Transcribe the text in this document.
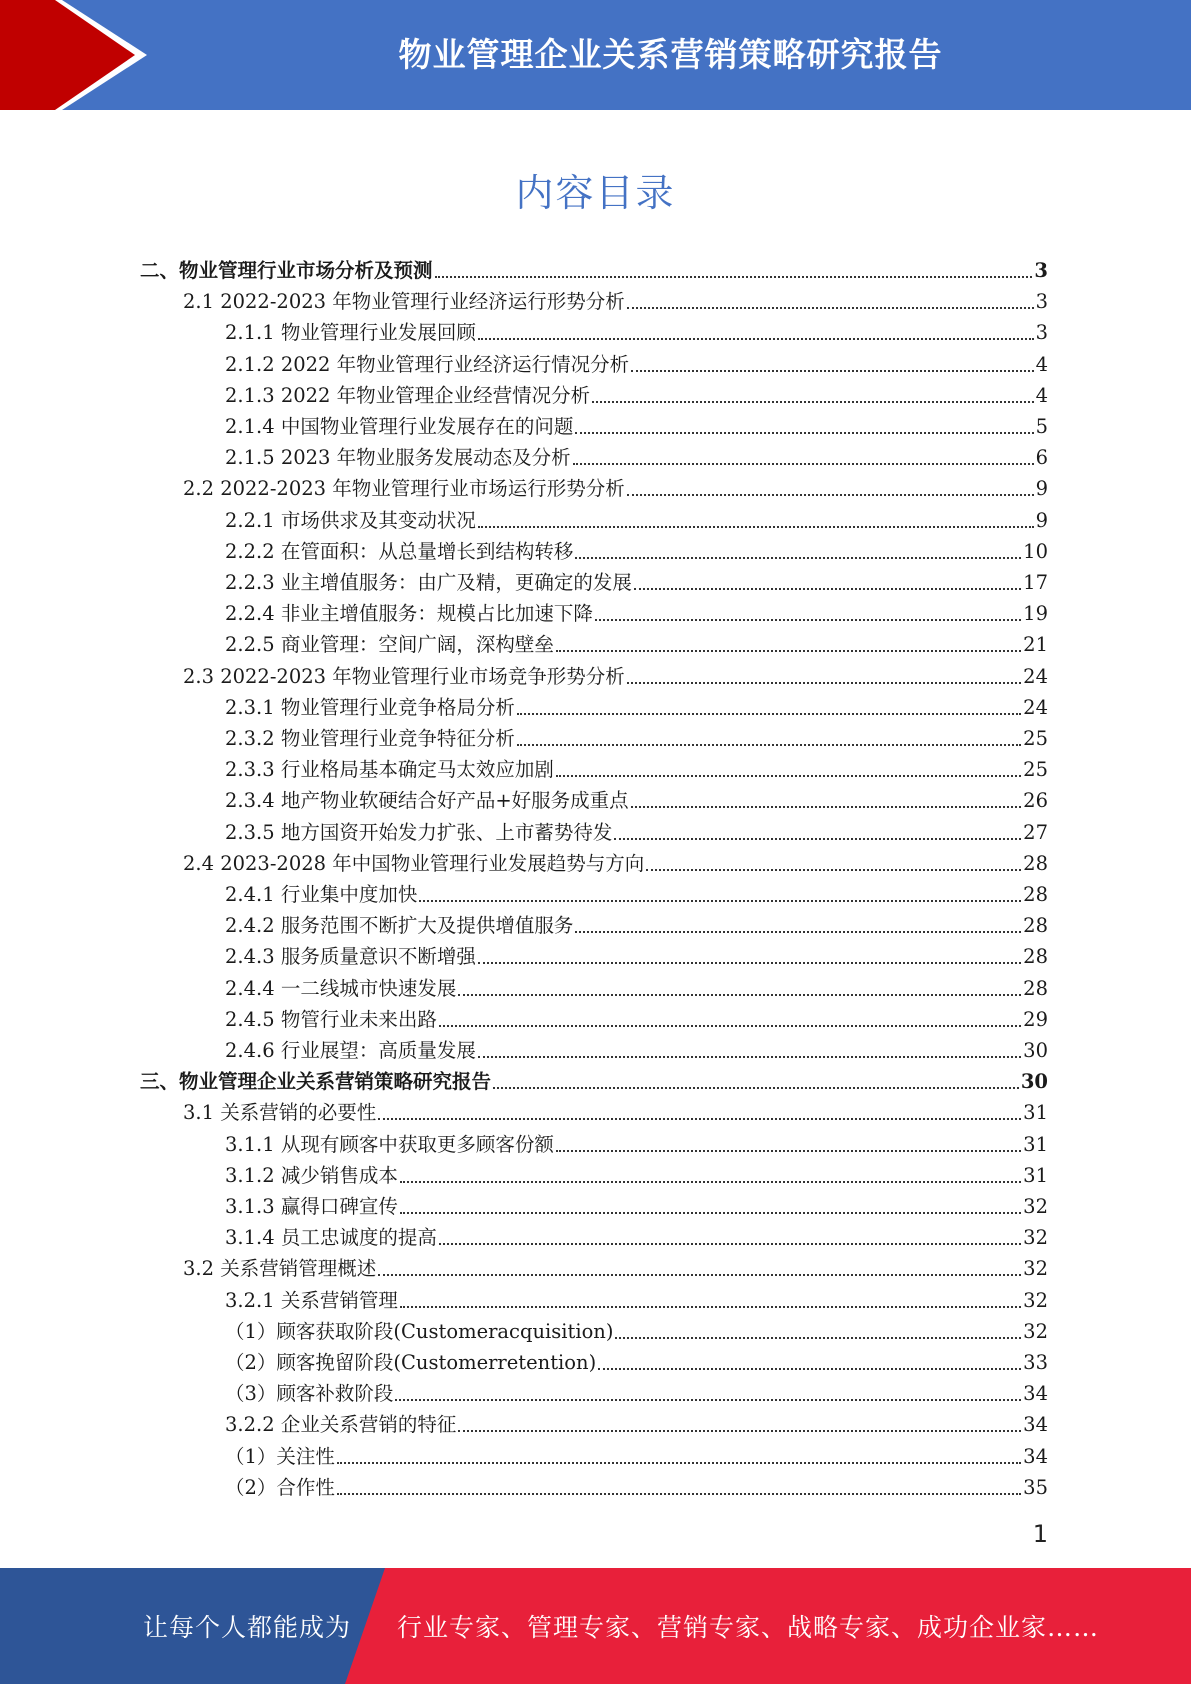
物业管理企业关系营销策略研究报告
内容目录
二、物业管理行业市场分析及预测	3
2.1 2022-2023 年物业管理行业经济运行形势分析	3
2.1.1 物业管理行业发展回顾	3
2.1.2 2022 年物业管理行业经济运行情况分析	4
2.1.3 2022 年物业管理企业经营情况分析	4
2.1.4 中国物业管理行业发展存在的问题	5
2.1.5 2023 年物业服务发展动态及分析	6
2.2 2022-2023 年物业管理行业市场运行形势分析	9
2.2.1 市场供求及其变动状况	9
2.2.2 在管面积：从总量增长到结构转移	10
2.2.3 业主增值服务：由广及精，更确定的发展	17
2.2.4 非业主增值服务：规模占比加速下降	19
2.2.5 商业管理：空间广阔，深构壁垒	21
2.3 2022-2023 年物业管理行业市场竞争形势分析	24
2.3.1 物业管理行业竞争格局分析	24
2.3.2 物业管理行业竞争特征分析	25
2.3.3 行业格局基本确定马太效应加剧	25
2.3.4 地产物业软硬结合好产品+好服务成重点	26
2.3.5 地方国资开始发力扩张、上市蓄势待发	27
2.4 2023-2028 年中国物业管理行业发展趋势与方向	28
2.4.1 行业集中度加快	28
2.4.2 服务范围不断扩大及提供增值服务	28
2.4.3 服务质量意识不断增强	28
2.4.4 一二线城市快速发展	28
2.4.5 物管行业未来出路	29
2.4.6 行业展望：高质量发展	30
三、物业管理企业关系营销策略研究报告	30
3.1 关系营销的必要性	31
3.1.1 从现有顾客中获取更多顾客份额	31
3.1.2 减少销售成本	31
3.1.3 赢得口碑宣传	32
3.1.4 员工忠诚度的提高	32
3.2 关系营销管理概述	32
3.2.1 关系营销管理	32
（1）顾客获取阶段(Customeracquisition)	32
（2）顾客挽留阶段(Customerretention)	33
（3）顾客补救阶段	34
3.2.2 企业关系营销的特征	34
（1）关注性	34
（2）合作性	35
1
让每个人都能成为 行业专家、管理专家、营销专家、战略专家、成功企业家……
